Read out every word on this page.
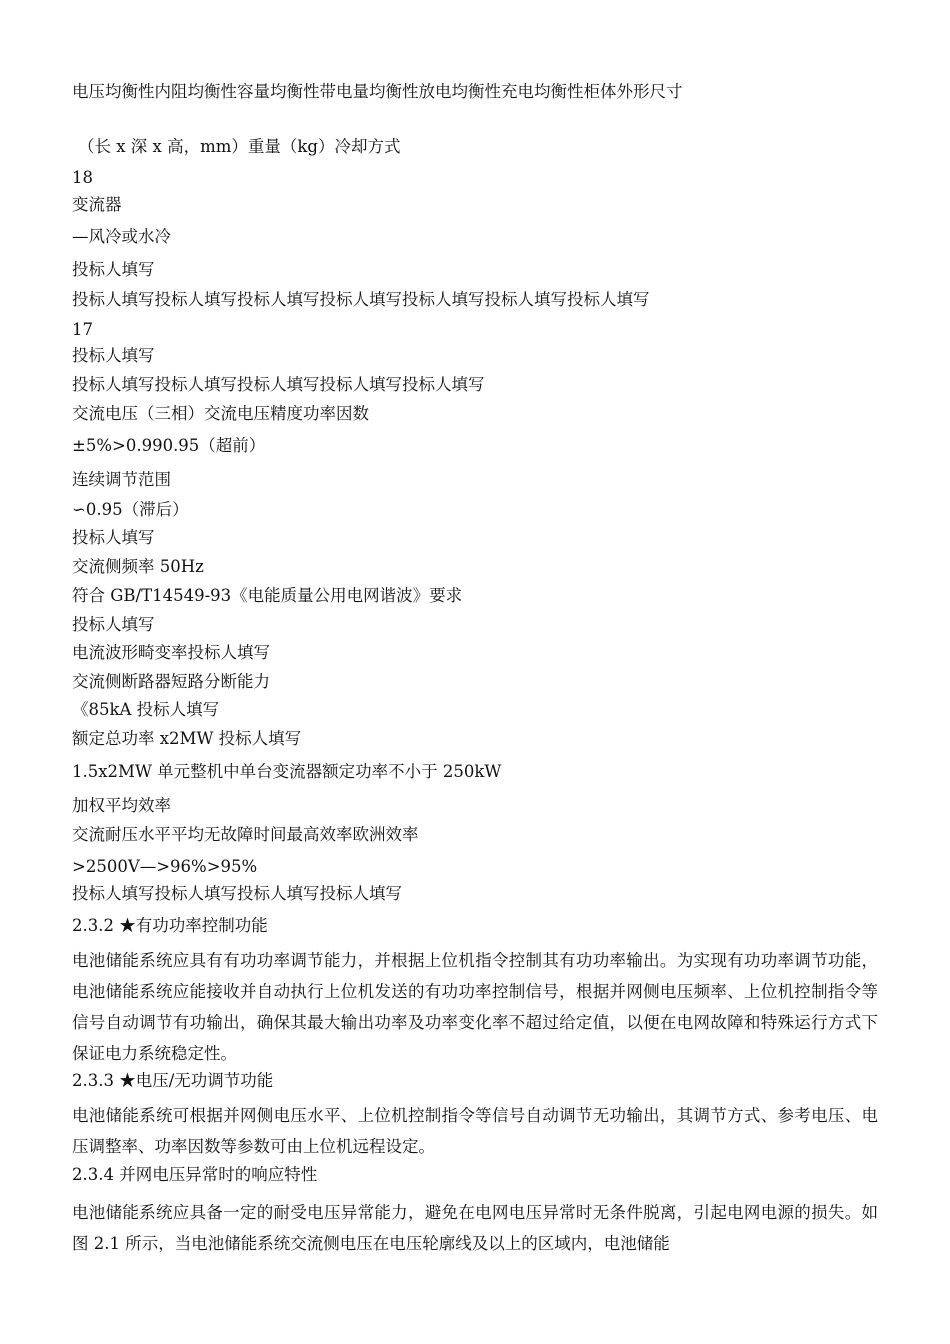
电压均衡性内阻均衡性容量均衡性带电量均衡性放电均衡性充电均衡性柜体外形尺寸
（长 x 深 x 高，mm）重量（kg）冷却方式
18
变流器
—风冷或水冷
投标人填写
投标人填写投标人填写投标人填写投标人填写投标人填写投标人填写投标人填写
17
投标人填写
投标人填写投标人填写投标人填写投标人填写投标人填写
交流电压（三相）交流电压精度功率因数
±5%>0.990.95（超前）
连续调节范围
∽0.95（滞后）
投标人填写
交流侧频率 50Hz
符合 GB/T14549-93《电能质量公用电网谐波》要求
投标人填写
电流波形畸变率投标人填写
交流侧断路器短路分断能力
《85kA 投标人填写
额定总功率 x2MW 投标人填写
1.5x2MW 单元整机中单台变流器额定功率不小于 250kW
加权平均效率
交流耐压水平平均无故障时间最高效率欧洲效率
>2500V—>96%>95%
投标人填写投标人填写投标人填写投标人填写
2.3.2 ★有功功率控制功能
电池储能系统应具有有功功率调节能力，并根据上位机指令控制其有功功率输出。为实现有功功率调节功能，电池储能系统应能接收并自动执行上位机发送的有功功率控制信号，根据并网侧电压频率、上位机控制指令等信号自动调节有功输出，确保其最大输出功率及功率变化率不超过给定值，以便在电网故障和特殊运行方式下保证电力系统稳定性。
2.3.3 ★电压/无功调节功能
电池储能系统可根据并网侧电压水平、上位机控制指令等信号自动调节无功输出，其调节方式、参考电压、电压调整率、功率因数等参数可由上位机远程设定。
2.3.4 并网电压异常时的响应特性
电池储能系统应具备一定的耐受电压异常能力，避免在电网电压异常时无条件脱离，引起电网电源的损失。如图 2.1 所示，当电池储能系统交流侧电压在电压轮廓线及以上的区域内，电池储能
